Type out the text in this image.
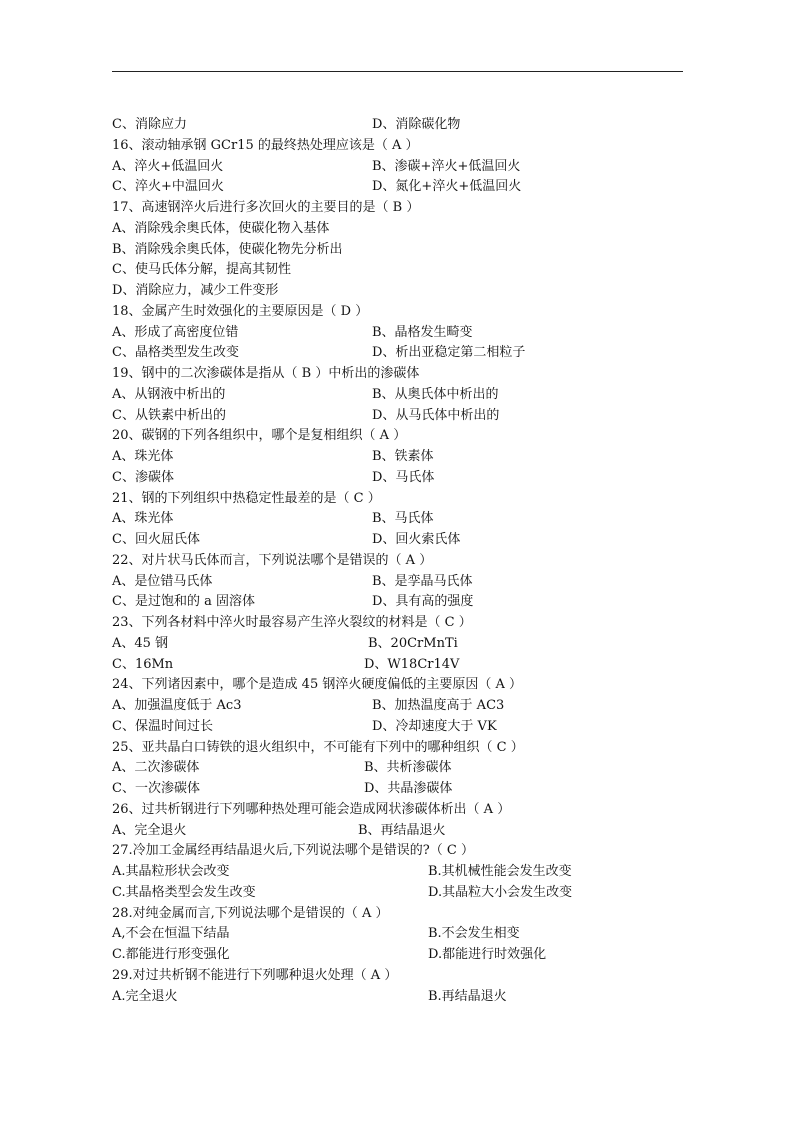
C、消除应力	D、消除碳化物
16、滚动轴承钢 GCr15 的最终热处理应该是（ A ）
A、淬火+低温回火	B、渗碳+淬火+低温回火
C、淬火+中温回火	D、氮化+淬火+低温回火
17、高速钢淬火后进行多次回火的主要目的是（ B ）
A、消除残余奥氏体，使碳化物入基体
B、消除残余奥氏体，使碳化物先分析出
C、使马氏体分解，提高其韧性
D、消除应力，减少工件变形
18、金属产生时效强化的主要原因是（ D ）
A、形成了高密度位错	B、晶格发生畸变
C、晶格类型发生改变	D、析出亚稳定第二相粒子
19、钢中的二次渗碳体是指从（ B ）中析出的渗碳体
A、从钢液中析出的	B、从奥氏体中析出的
C、从铁素中析出的	D、从马氏体中析出的
20、碳钢的下列各组织中，哪个是复相组织（ A ）
A、珠光体	B、铁素体
C、渗碳体	D、马氏体
21、钢的下列组织中热稳定性最差的是（ C ）
A、珠光体	B、马氏体
C、回火屈氏体	D、回火索氏体
22、对片状马氏体而言，下列说法哪个是错误的（ A ）
A、是位错马氏体	B、是孪晶马氏体
C、是过饱和的 a 固溶体	D、具有高的强度
23、下列各材料中淬火时最容易产生淬火裂纹的材料是（ C ）
A、45 钢	B、20CrMnTi
C、16Mn	D、W18Cr14V
24、下列诸因素中，哪个是造成 45 钢淬火硬度偏低的主要原因（ A ）
A、加强温度低于 Ac3	B、加热温度高于 AC3
C、保温时间过长	D、冷却速度大于 VK
25、亚共晶白口铸铁的退火组织中，不可能有下列中的哪种组织（ C ）
A、二次渗碳体	B、共析渗碳体
C、一次渗碳体	D、共晶渗碳体
26、过共析钢进行下列哪种热处理可能会造成网状渗碳体析出（ A ）
A、完全退火	B、再结晶退火
27.冷加工金属经再结晶退火后,下列说法哪个是错误的?（ C ）
A.其晶粒形状会改变	B.其机械性能会发生改变
C.其晶格类型会发生改变	D.其晶粒大小会发生改变
28.对纯金属而言,下列说法哪个是错误的（ A ）
A,不会在恒温下结晶	B.不会发生相变
C.都能进行形变强化	D.都能进行时效强化
29.对过共析钢不能进行下列哪种退火处理（ A ）
A.完全退火	B.再结晶退火
